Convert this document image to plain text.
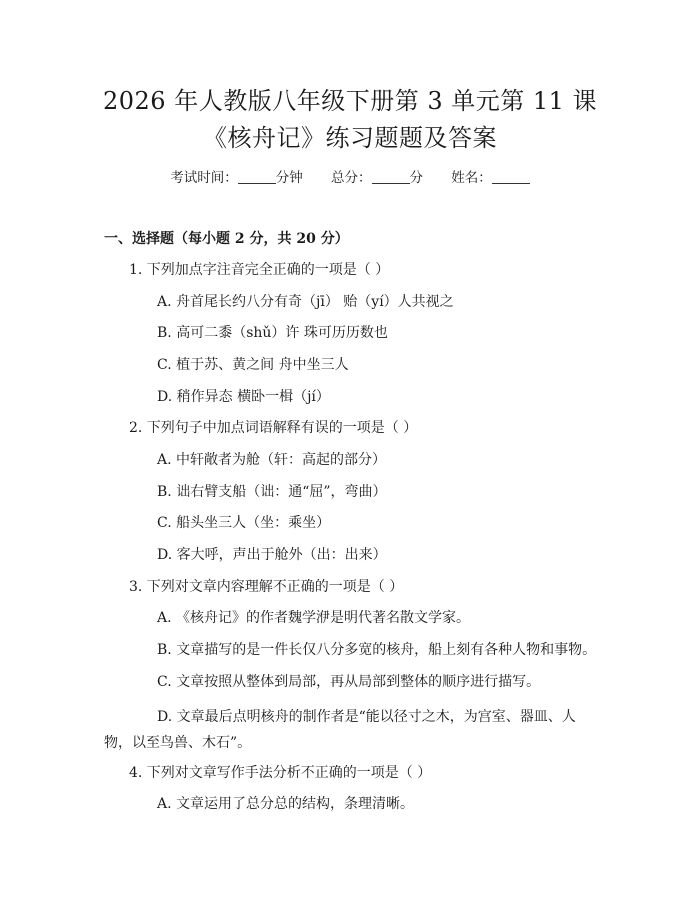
2026 年人教版八年级下册第 3 单元第 11 课
《核舟记》练习题题及答案
考试时间：	分钟 总分：	分 姓名：
一、选择题（每小题 2 分，共 20 分）
1. 下列加点字注音完全正确的一项是（ ）
A. 舟首尾长约八分有奇（jī） 贻（yí）人共视之
B. 高可二黍（shǔ）许 珠可历历数也
C. 植于苏、黄之间 舟中坐三人
D. 稍作异态 横卧一楫（jí）
2. 下列句子中加点词语解释有误的一项是（ ）
A. 中轩敞者为舱（轩：高起的部分）
B. 诎右臂支船（诎：通“屈”，弯曲）
C. 船头坐三人（坐：乘坐）
D. 客大呼，声出于舱外（出：出来）
3. 下列对文章内容理解不正确的一项是（ ）
A. 《核舟记》的作者魏学洢是明代著名散文学家。
B. 文章描写的是一件长仅八分多宽的核舟，船上刻有各种人物和事物。
C. 文章按照从整体到局部，再从局部到整体的顺序进行描写。
D. 文章最后点明核舟的制作者是“能以径寸之木，为宫室、器皿、人物，以至鸟兽、木石”。
4. 下列对文章写作手法分析不正确的一项是（ ）
A. 文章运用了总分总的结构，条理清晰。
